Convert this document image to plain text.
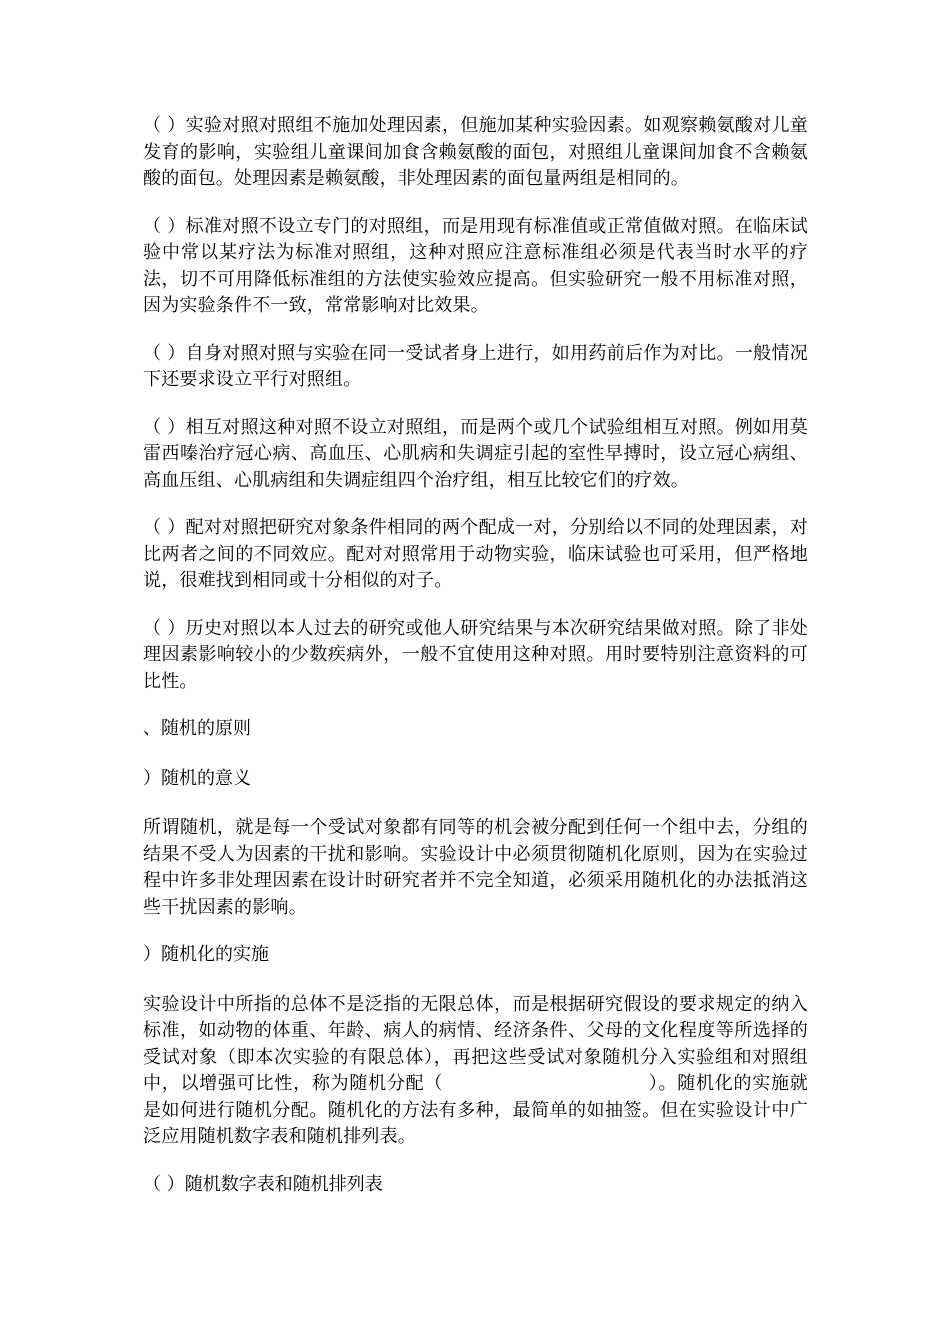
（ ）实验对照对照组不施加处理因素，但施加某种实验因素。如观察赖氨酸对儿童发育的影响，实验组儿童课间加食含赖氨酸的面包，对照组儿童课间加食不含赖氨酸的面包。处理因素是赖氨酸，非处理因素的面包量两组是相同的。

（ ）标准对照不设立专门的对照组，而是用现有标准值或正常值做对照。在临床试验中常以某疗法为标准对照组，这种对照应注意标准组必须是代表当时水平的疗法，切不可用降低标准组的方法使实验效应提高。但实验研究一般不用标准对照，因为实验条件不一致，常常影响对比效果。

（ ）自身对照对照与实验在同一受试者身上进行，如用药前后作为对比。一般情况下还要求设立平行对照组。

（ ）相互对照这种对照不设立对照组，而是两个或几个试验组相互对照。例如用莫雷西嗪治疗冠心病、高血压、心肌病和失调症引起的室性早搏时，设立冠心病组、高血压组、心肌病组和失调症组四个治疗组，相互比较它们的疗效。

（ ）配对对照把研究对象条件相同的两个配成一对，分别给以不同的处理因素，对比两者之间的不同效应。配对对照常用于动物实验，临床试验也可采用，但严格地说，很难找到相同或十分相似的对子。

（ ）历史对照以本人过去的研究或他人研究结果与本次研究结果做对照。除了非处理因素影响较小的少数疾病外，一般不宜使用这种对照。用时要特别注意资料的可比性。

、随机的原则

）随机的意义

所谓随机，就是每一个受试对象都有同等的机会被分配到任何一个组中去，分组的结果不受人为因素的干扰和影响。实验设计中必须贯彻随机化原则，因为在实验过程中许多非处理因素在设计时研究者并不完全知道，必须采用随机化的办法抵消这些干扰因素的影响。

）随机化的实施

实验设计中所指的总体不是泛指的无限总体，而是根据研究假设的要求规定的纳入标准，如动物的体重、年龄、病人的病情、经济条件、父母的文化程度等所选择的受试对象（即本次实验的有限总体），再把这些受试对象随机分入实验组和对照组中，以增强可比性，称为随机分配（	）。随机化的实施就是如何进行随机分配。随机化的方法有多种，最简单的如抽签。但在实验设计中广泛应用随机数字表和随机排列表。

（ ）随机数字表和随机排列表
